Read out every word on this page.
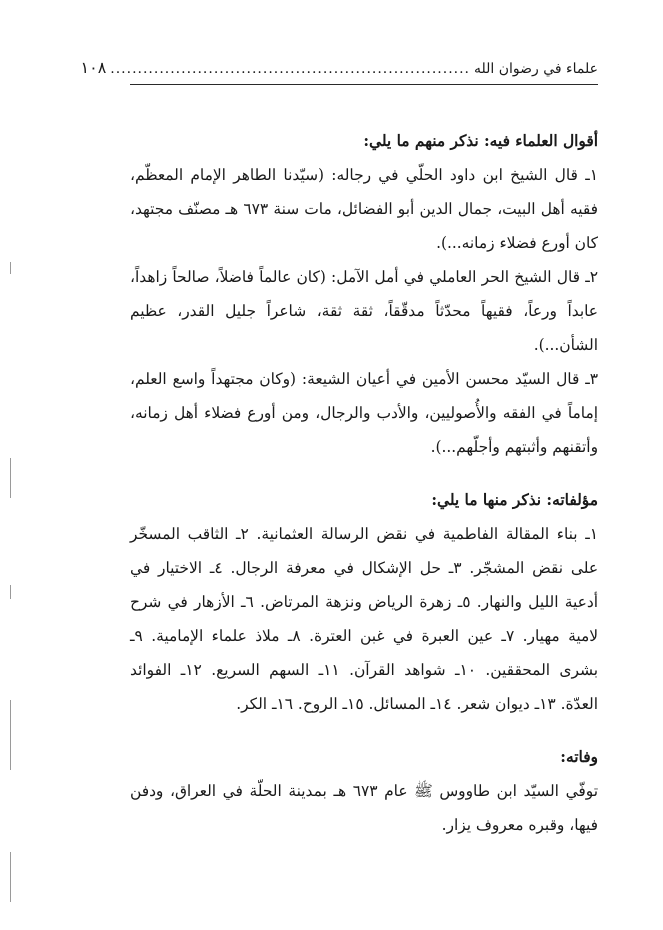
علماء في رضوان الله
..................................................................
١٠٨

أقوال العلماء فيه: نذكر منهم ما يلي:

١ـ قال الشيخ ابن داود الحلّي في رجاله: (سيّدنا الطاهر الإمام المعظّم، فقيه أهل البيت، جمال الدين أبو الفضائل، مات سنة ٦٧٣ هـ مصنّف مجتهد، كان أورع فضلاء زمانه...).

٢ـ قال الشيخ الحر العاملي في أمل الآمل: (كان عالماً فاضلاً، صالحاً زاهداً، عابداً ورعاً، فقيهاً محدّثاً مدقّقاً، ثقة ثقة، شاعراً جليل القدر، عظيم الشأن...).

٣ـ قال السيّد محسن الأمين في أعيان الشيعة: (وكان مجتهداً واسع العلم، إماماً في الفقه والأُصوليين، والأدب والرجال، ومن أورع فضلاء أهل زمانه، وأتقنهم وأثبتهم وأجلّهم...).

مؤلفاته: نذكر منها ما يلي:

١ـ بناء المقالة الفاطمية في نقض الرسالة العثمانية. ٢ـ الثاقب المسخّر على نقض المشجّر. ٣ـ حل الإشكال في معرفة الرجال. ٤ـ الاختيار في أدعية الليل والنهار. ٥ـ زهرة الرياض ونزهة المرتاض. ٦ـ الأزهار في شرح لامية مهيار. ٧ـ عين العبرة في غبن العترة. ٨ـ ملاذ علماء الإمامية. ٩ـ بشرى المحققين. ١٠ـ شواهد القرآن. ١١ـ السهم السريع. ١٢ـ الفوائد العدّة. ١٣ـ ديوان شعر. ١٤ـ المسائل. ١٥ـ الروح. ١٦ـ الكر.

وفاته:

توفّي السيّد ابن طاووس ﷺ عام ٦٧٣ هـ بمدينة الحلّة في العراق، ودفن فيها، وقبره معروف يزار.
